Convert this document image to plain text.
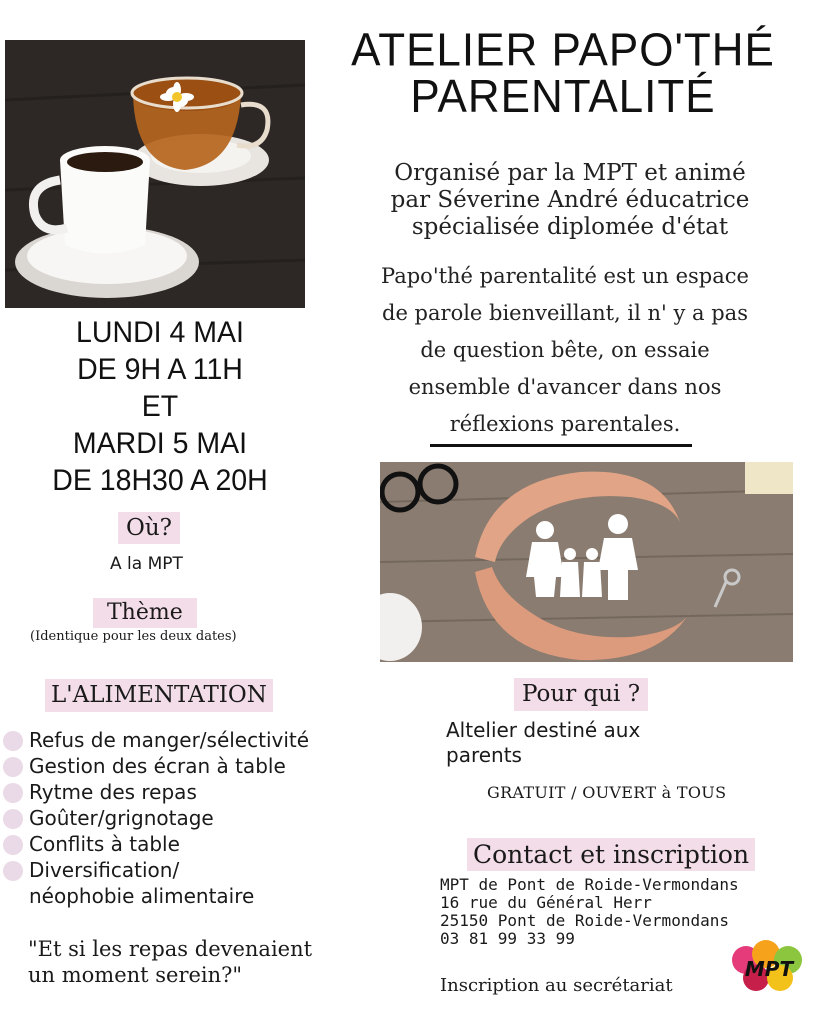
ATELIER PAPO'THÉ
PARENTALITÉ
Organisé par la MPT et animé
par Séverine André éducatrice
spécialisée diplomée d'état
Papo'thé parentalité est un espace
de parole bienveillant, il n' y a pas
de question bête, on essaie
ensemble d'avancer dans nos
réflexions parentales.
LUNDI 4 MAI
DE 9H A 11H
ET
MARDI 5 MAI
DE 18H30 A 20H
Où?
A la MPT
Thème
(Identique pour les deux dates)
L'ALIMENTATION
Refus de manger/sélectivité
Gestion des écran à table
Rytme des repas
Goûter/grignotage
Conflits à table
Diversification/
néophobie alimentaire
"Et si les repas devenaient
un moment serein?"
Pour qui ?
Altelier destiné aux
parents
GRATUIT / OUVERT à TOUS
Contact et inscription
MPT de Pont de Roide-Vermondans
16 rue du Général Herr
25150 Pont de Roide-Vermondans
03 81 99 33 99
Inscription au secrétariat
MPT
